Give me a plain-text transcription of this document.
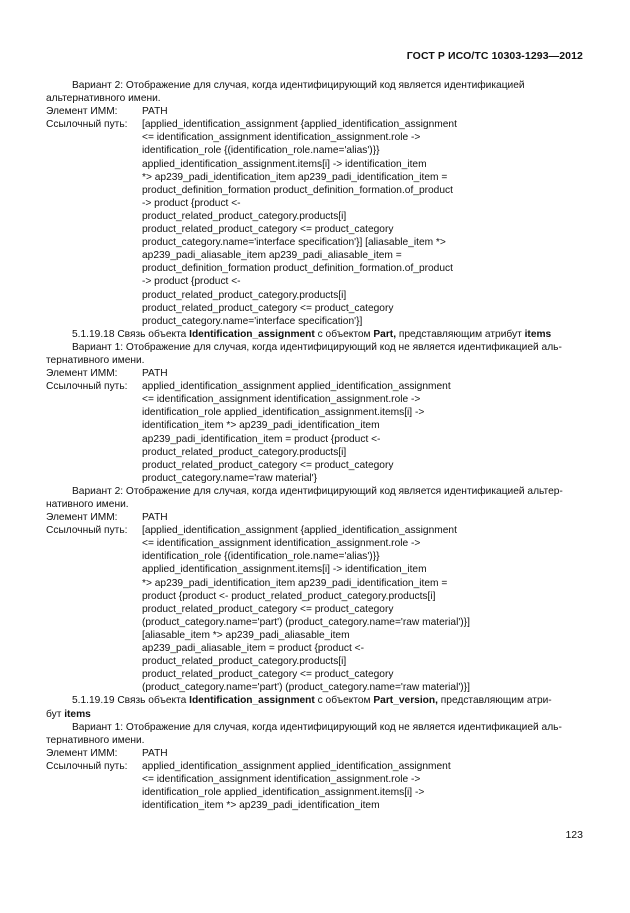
ГОСТ Р ИСО/ТС 10303-1293—2012
Вариант 2: Отображение для случая, когда идентифицирующий код является идентификацией
альтернативного имени.
Элемент ИММ:	PATH
Ссылочный путь:	[applied_identification_assignment {applied_identification_assignment
<= identification_assignment identification_assignment.role ->
identification_role {(identification_role.name='alias')}}
applied_identification_assignment.items[i] -> identification_item
*> ap239_padi_identification_item ap239_padi_identification_item =
product_definition_formation product_definition_formation.of_product
-> product {product <-
product_related_product_category.products[i]
product_related_product_category <= product_category
product_category.name='interface specification'}] [aliasable_item *>
ap239_padi_aliasable_item ap239_padi_aliasable_item =
product_definition_formation product_definition_formation.of_product
-> product {product <-
product_related_product_category.products[i]
product_related_product_category <= product_category
product_category.name='interface specification'}]
5.1.19.18 Связь объекта Identification_assignment с объектом Part, представляющим атрибут items
Вариант 1: Отображение для случая, когда идентифицирующий код не является идентификацией аль-
тернативного имени.
Элемент ИММ:	PATH
Ссылочный путь:	applied_identification_assignment applied_identification_assignment
<= identification_assignment identification_assignment.role ->
identification_role applied_identification_assignment.items[i] ->
identification_item *> ap239_padi_identification_item
ap239_padi_identification_item = product {product <-
product_related_product_category.products[i]
product_related_product_category <= product_category
product_category.name='raw material'}
Вариант 2: Отображение для случая, когда идентифицирующий код является идентификацией альтер-
нативного имени.
Элемент ИММ:	PATH
Ссылочный путь:	[applied_identification_assignment {applied_identification_assignment
<= identification_assignment identification_assignment.role ->
identification_role {(identification_role.name='alias')}}
applied_identification_assignment.items[i] -> identification_item
*> ap239_padi_identification_item ap239_padi_identification_item =
product {product <- product_related_product_category.products[i]
product_related_product_category <= product_category
(product_category.name='part') (product_category.name='raw material')}]
[aliasable_item *> ap239_padi_aliasable_item
ap239_padi_aliasable_item = product {product <-
product_related_product_category.products[i]
product_related_product_category <= product_category
(product_category.name='part') (product_category.name='raw material')}]
5.1.19.19 Связь объекта Identification_assignment с объектом Part_version, представляющим атри-
бут items
Вариант 1: Отображение для случая, когда идентифицирующий код не является идентификацией аль-
тернативного имени.
Элемент ИММ:	PATH
Ссылочный путь:	applied_identification_assignment applied_identification_assignment
<= identification_assignment identification_assignment.role ->
identification_role applied_identification_assignment.items[i] ->
identification_item *> ap239_padi_identification_item
123
